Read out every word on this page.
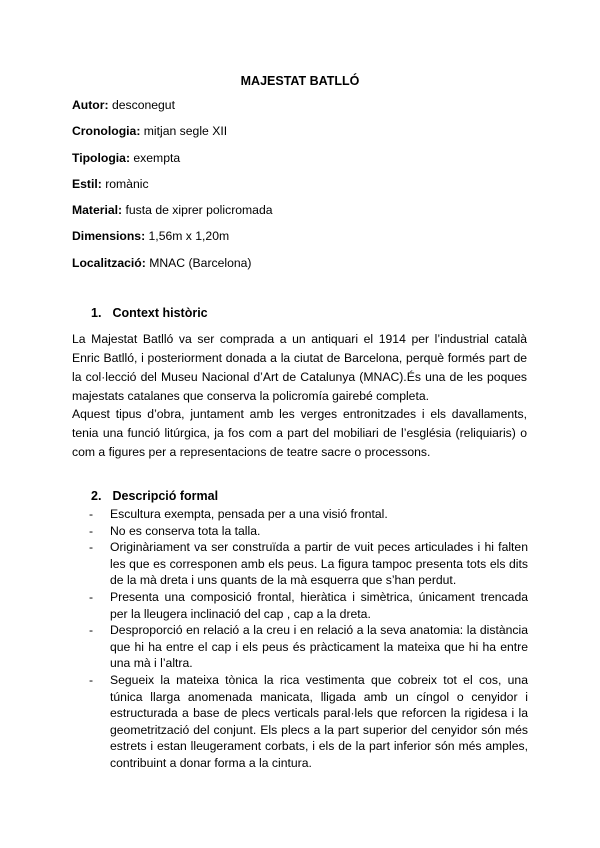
MAJESTAT BATLLÓ
Autor: desconegut
Cronologia: mitjan segle XII
Tipologia: exempta
Estil: romànic
Material: fusta de xiprer policromada
Dimensions: 1,56m x 1,20m
Localització: MNAC (Barcelona)
1. Context històric

La Majestat Batlló va ser comprada a un antiquari el 1914 per l’industrial català Enric Batlló, i posteriorment donada a la ciutat de Barcelona, perquè formés part de la col·lecció del Museu Nacional d’Art de Catalunya (MNAC).És una de les poques majestats catalanes que conserva la policromía gairebé completa.

Aquest tipus d’obra, juntament amb les verges entronitzades i els davallaments, tenia una funció litúrgica, ja fos com a part del mobiliari de l’església (reliquiaris) o com a figures per a representacions de teatre sacre o processons.

2. Descripció formal
- Escultura exempta, pensada per a una visió frontal.
- No es conserva tota la talla.
- Originàriament va ser construïda a partir de vuit peces articulades i hi falten les que es corresponen amb els peus. La figura tampoc presenta tots els dits de la mà dreta i uns quants de la mà esquerra que s’han perdut.
- Presenta una composició frontal, hieràtica i simètrica, únicament trencada per la lleugera inclinació del cap , cap a la dreta.
- Desproporció en relació a la creu i en relació a la seva anatomia: la distància que hi ha entre el cap i els peus és pràcticament la mateixa que hi ha entre una mà i l’altra.
- Segueix la mateixa tònica la rica vestimenta que cobreix tot el cos, una túnica llarga anomenada manicata, lligada amb un cíngol o cenyidor i estructurada a base de plecs verticals paral·lels que reforcen la rigidesa i la geometrització del conjunt. Els plecs a la part superior del cenyidor són més estrets i estan lleugerament corbats, i els de la part inferior són més amples, contribuint a donar forma a la cintura.
